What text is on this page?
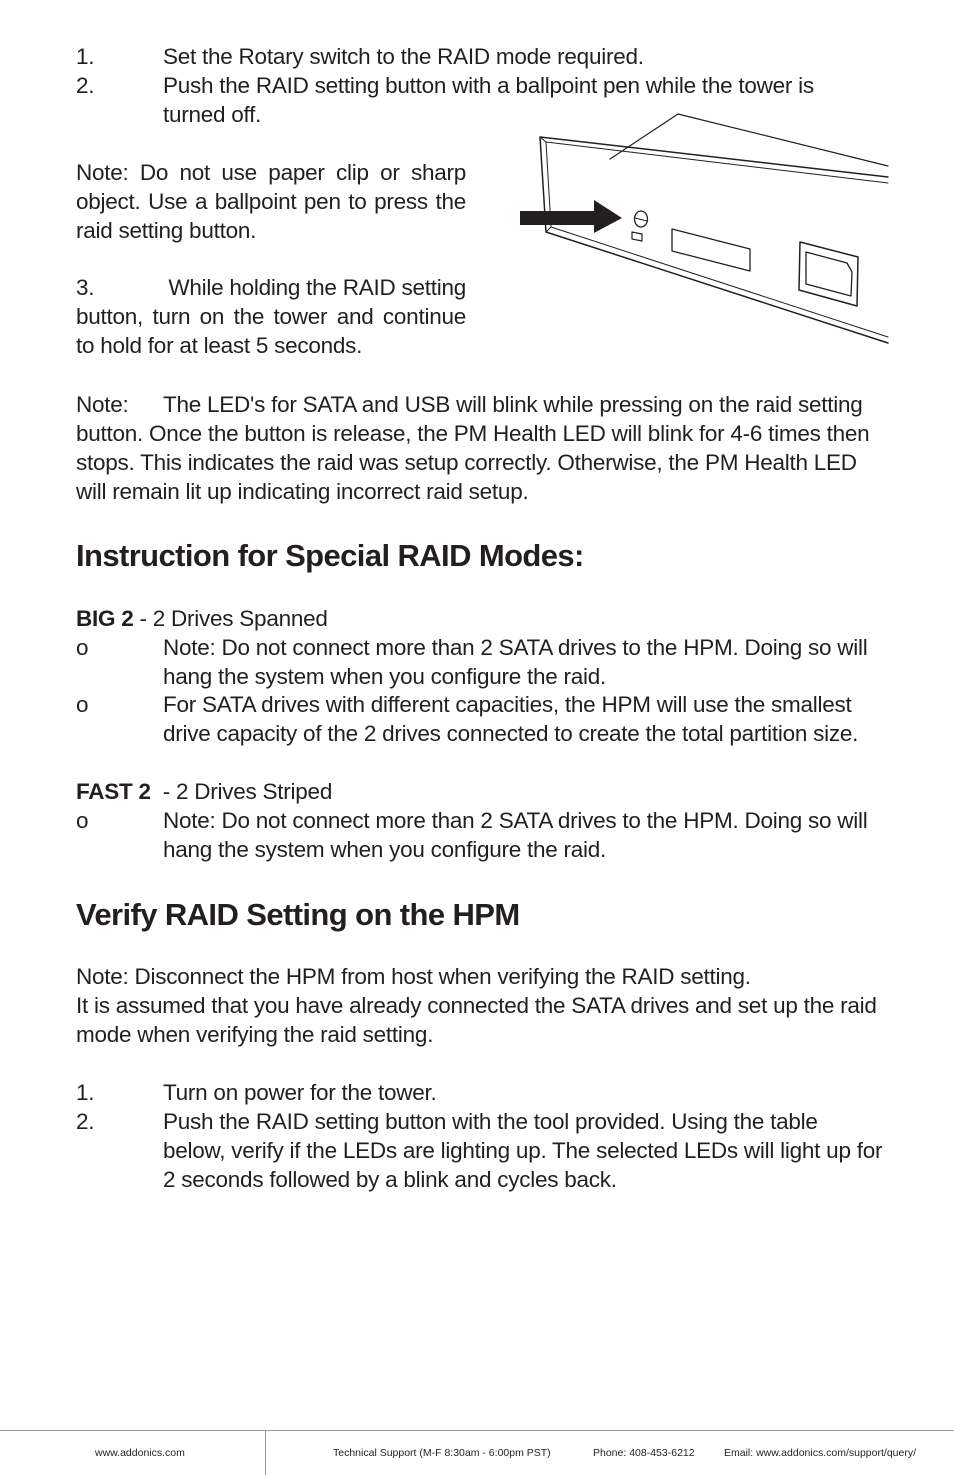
1.	Set the Rotary switch to the RAID mode required.
2.	Push the RAID setting button with a ballpoint pen while the tower is
turned off.
Note: Do not use paper clip or sharp
object. Use a ballpoint pen to press the
raid setting button.
3.	While holding the RAID setting
button, turn on the tower and continue
to hold for at least 5 seconds.
Note:	The LED's for SATA and USB will blink while pressing on the raid setting
button. Once the button is release, the PM Health LED will blink for 4-6 times then
stops. This indicates the raid was setup correctly. Otherwise, the PM Health LED
will remain lit up indicating incorrect raid setup.
Instruction for Special RAID Modes:
BIG 2 - 2 Drives Spanned
o	Note: Do not connect more than 2 SATA drives to the HPM. Doing so will
hang the system when you configure the raid.
o	For SATA drives with different capacities, the HPM will use the smallest
drive capacity of the 2 drives connected to create the total partition size.
FAST 2  - 2 Drives Striped
o	Note: Do not connect more than 2 SATA drives to the HPM. Doing so will
hang the system when you configure the raid.
Verify RAID Setting on the HPM
Note: Disconnect the HPM from host when verifying the RAID setting.
It is assumed that you have already connected the SATA drives and set up the raid
mode when verifying the raid setting.
1.	Turn on power for the tower.
2.	Push the RAID setting button with the tool provided. Using the table
below, verify if the LEDs are lighting up. The selected LEDs will light up for
2 seconds followed by a blink and cycles back.
www.addonics.com	Technical Support (M-F 8:30am - 6:00pm PST)	Phone: 408-453-6212	Email: www.addonics.com/support/query/
